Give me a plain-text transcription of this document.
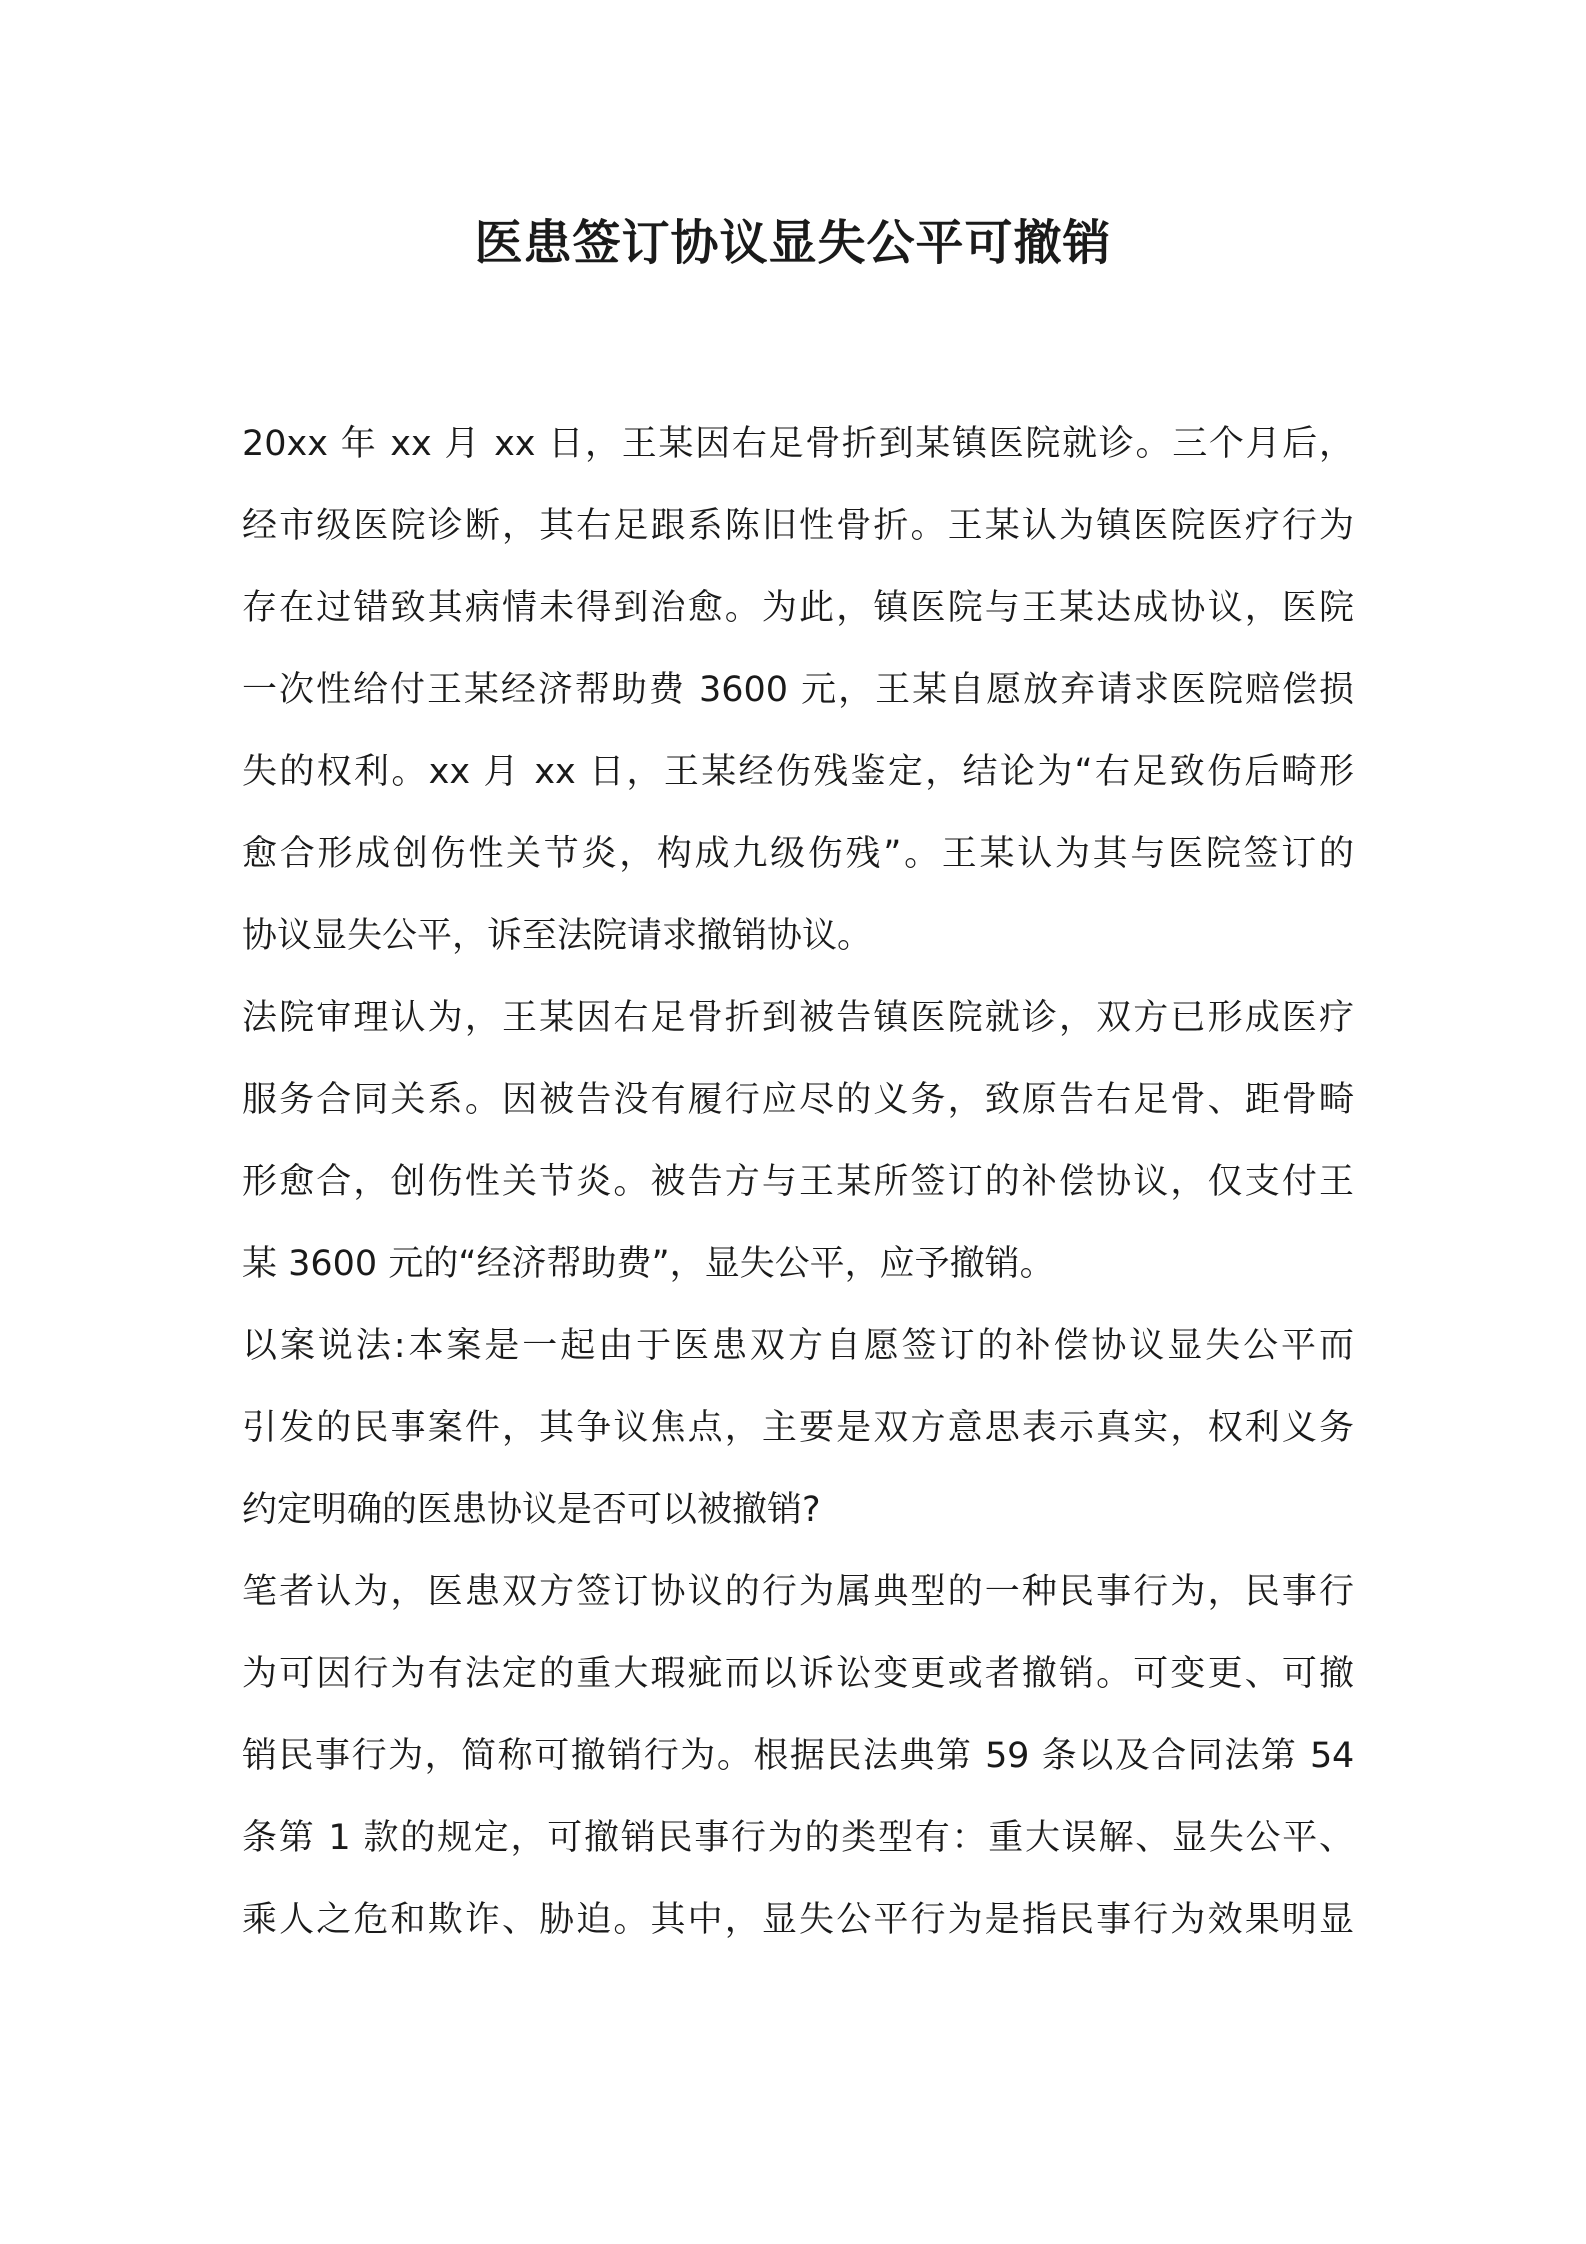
医患签订协议显失公平可撤销
20xx 年 xx 月 xx 日，王某因右足骨折到某镇医院就诊。三个月后，
经市级医院诊断，其右足跟系陈旧性骨折。王某认为镇医院医疗行为
存在过错致其病情未得到治愈。为此，镇医院与王某达成协议，医院
一次性给付王某经济帮助费 3600 元，王某自愿放弃请求医院赔偿损
失的权利。xx 月 xx 日，王某经伤残鉴定，结论为“右足致伤后畸形
愈合形成创伤性关节炎，构成九级伤残”。王某认为其与医院签订的
协议显失公平，诉至法院请求撤销协议。
法院审理认为，王某因右足骨折到被告镇医院就诊，双方已形成医疗
服务合同关系。因被告没有履行应尽的义务，致原告右足骨、距骨畸
形愈合，创伤性关节炎。被告方与王某所签订的补偿协议，仅支付王
某 3600 元的“经济帮助费”，显失公平，应予撤销。
以案说法:本案是一起由于医患双方自愿签订的补偿协议显失公平而
引发的民事案件，其争议焦点，主要是双方意思表示真实，权利义务
约定明确的医患协议是否可以被撤销?
笔者认为，医患双方签订协议的行为属典型的一种民事行为，民事行
为可因行为有法定的重大瑕疵而以诉讼变更或者撤销。可变更、可撤
销民事行为，简称可撤销行为。根据民法典第 59 条以及合同法第 54
条第 1 款的规定，可撤销民事行为的类型有：重大误解、显失公平、
乘人之危和欺诈、胁迫。其中，显失公平行为是指民事行为效果明显
